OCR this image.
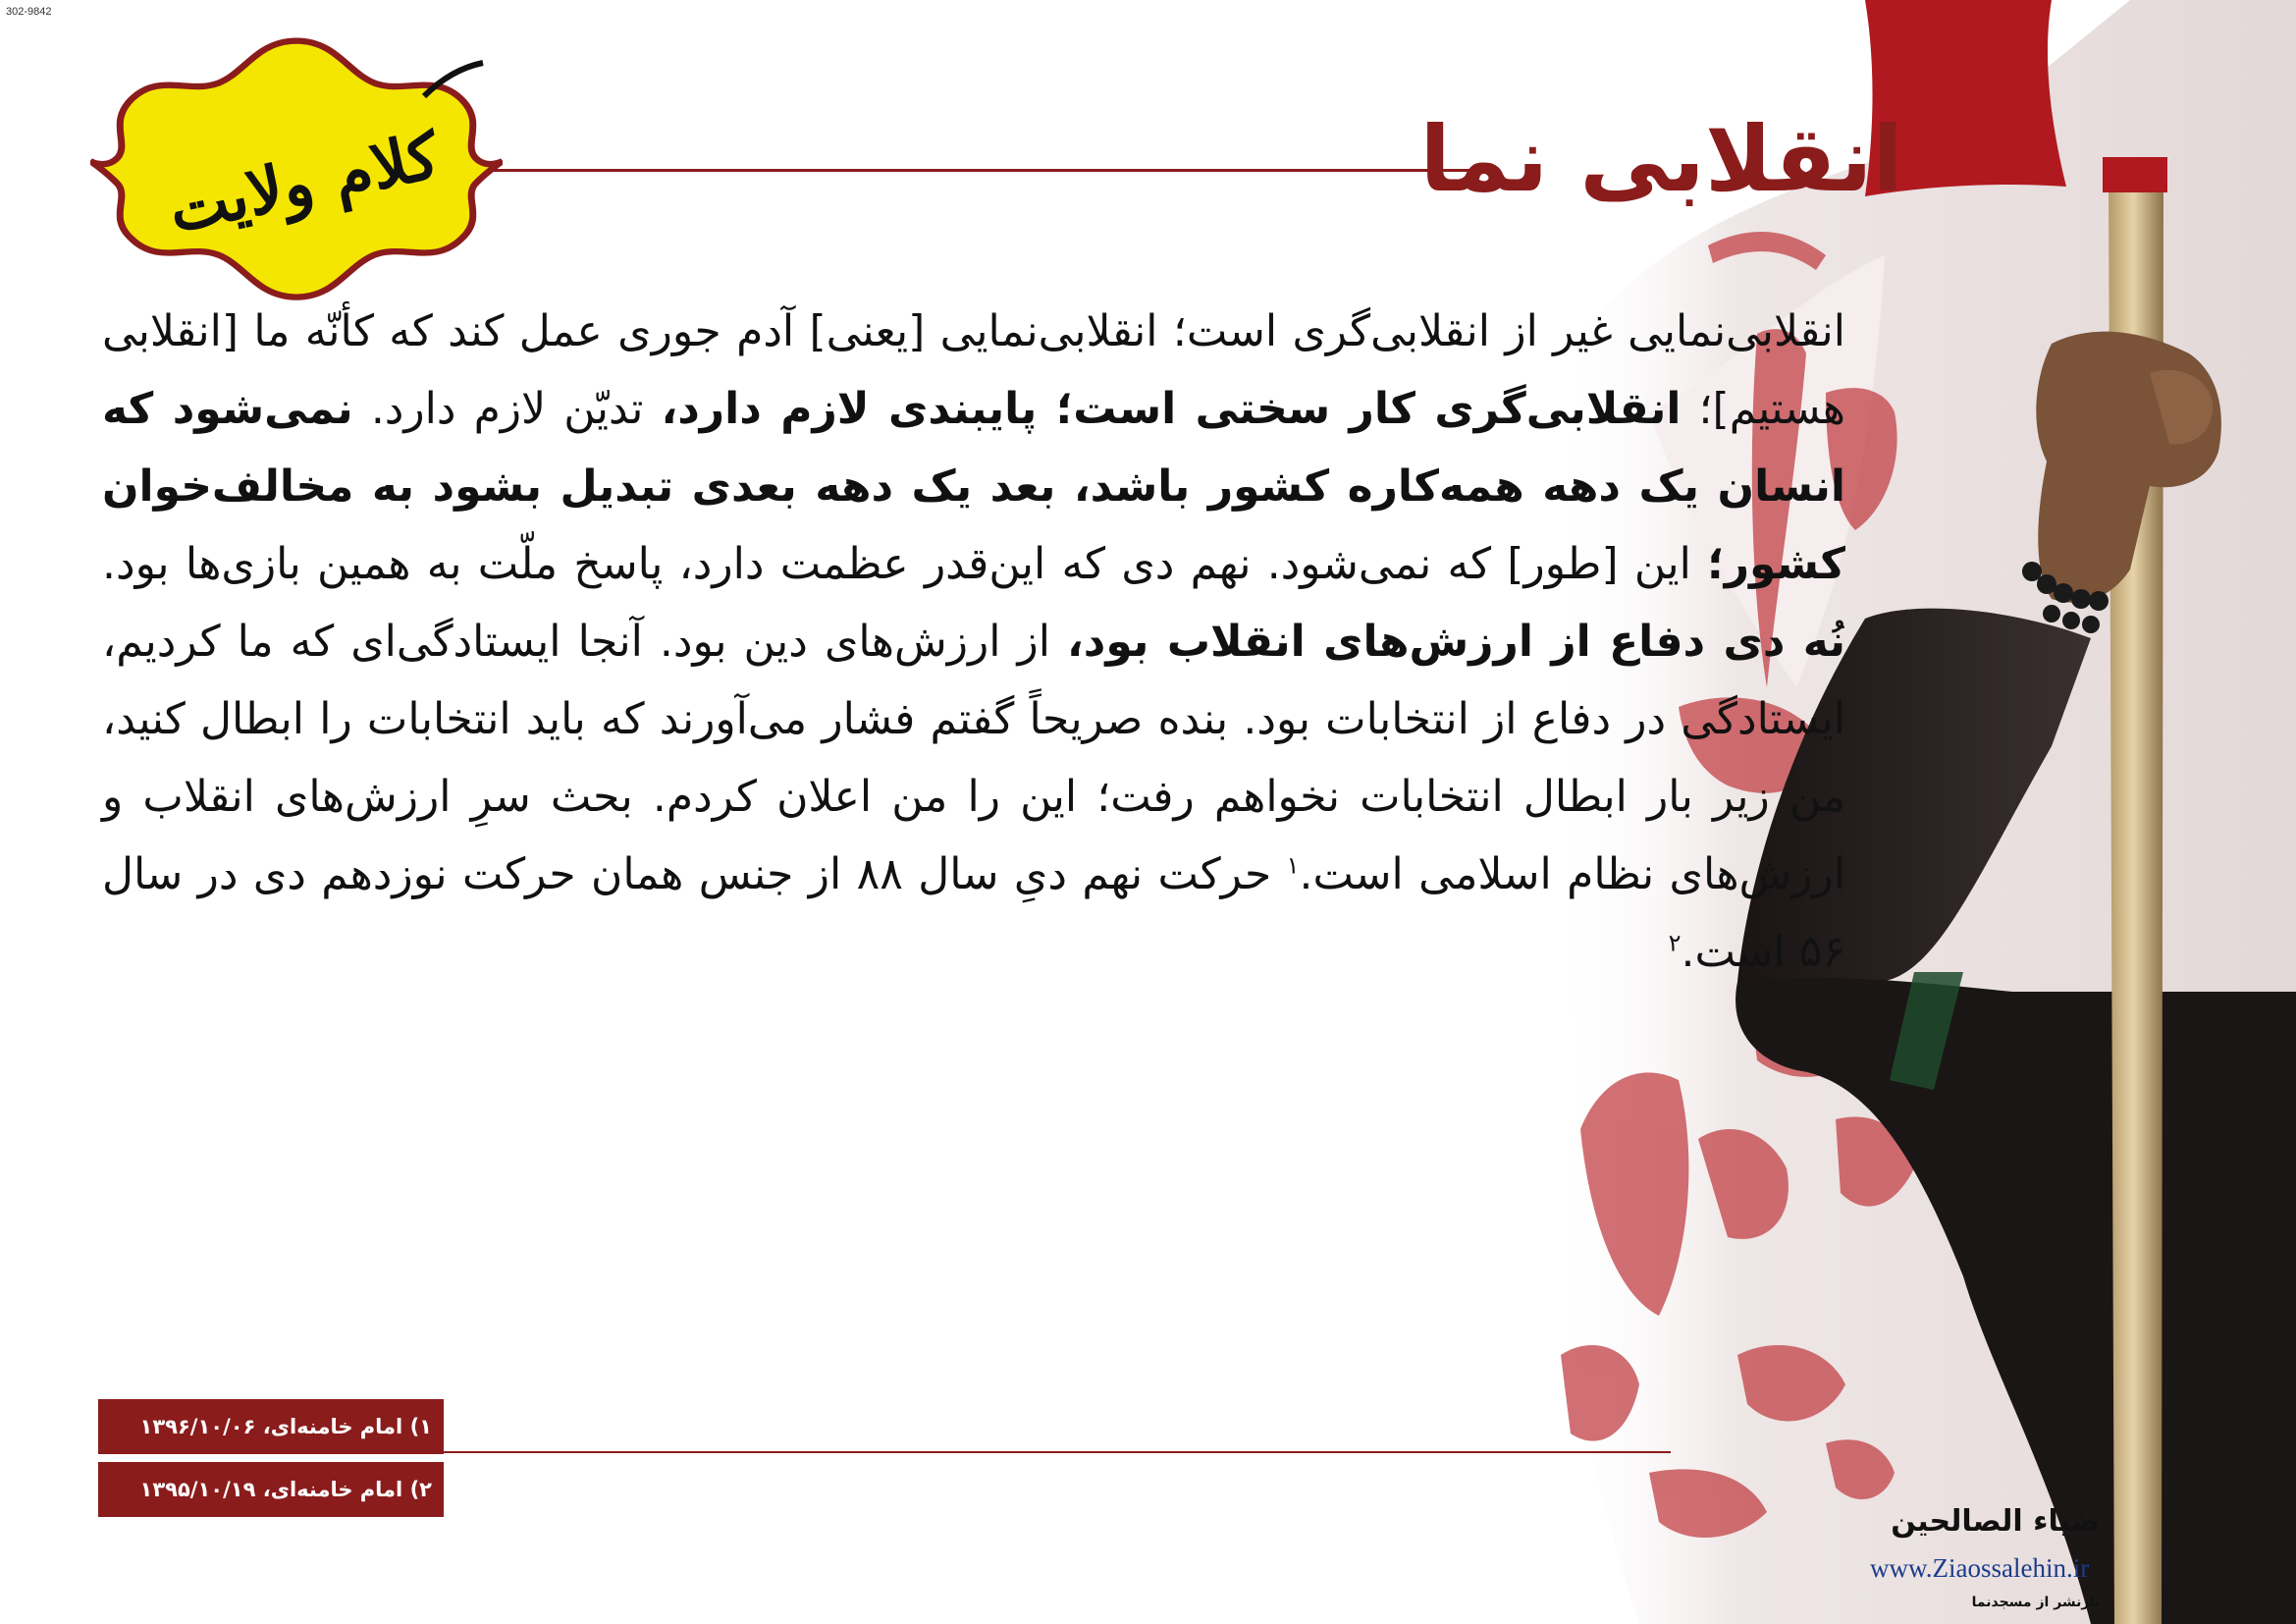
302-9842
کلام ولایت	انقلابی نما
انقلابی‌نمایی غیر از انقلابی‌گری است؛ انقلابی‌نمایی [یعنی] آدم جوری عمل کند که کأنّه ما [انقلابی هستیم]؛ انقلابی‌گری کار سختی است؛ پایبندی لازم دارد، تدیّن لازم دارد. نمی‌شود که انسان یک دهه همه‌کاره کشور باشد، بعد یک دهه بعدی تبدیل بشود به مخالف‌خوان کشور؛ این [طور] که نمی‌شود. نهم دی که این‌قدر عظمت دارد، پاسخ ملّت به همین بازی‌ها بود. نُه دی دفاع از ارزش‌های انقلاب بود، از ارزش‌های دین بود. آنجا ایستادگی‌ای که ما کردیم، ایستادگی در دفاع از انتخابات بود. بنده صریحاً گفتم فشار می‌آورند که باید انتخابات را ابطال کنید، من زیر بار ابطال انتخابات نخواهم رفت؛ این را من اعلان کردم. بحث سرِ ارزش‌های انقلاب و ارزش‌های نظام اسلامی است.$^۱$ حرکت نهم دیِ سال ۸۸ از جنس همان حرکت نوزدهم دی در سال ۵۶ است.$^۲$
۱) امام خامنه‌ای، ۱۳۹۶/۱۰/۰۶
۲) امام خامنه‌ای، ۱۳۹۵/۱۰/۱۹
ضیاء الصالحین
www.Ziaossalehin.ir
بازنشر از مسجدنما
